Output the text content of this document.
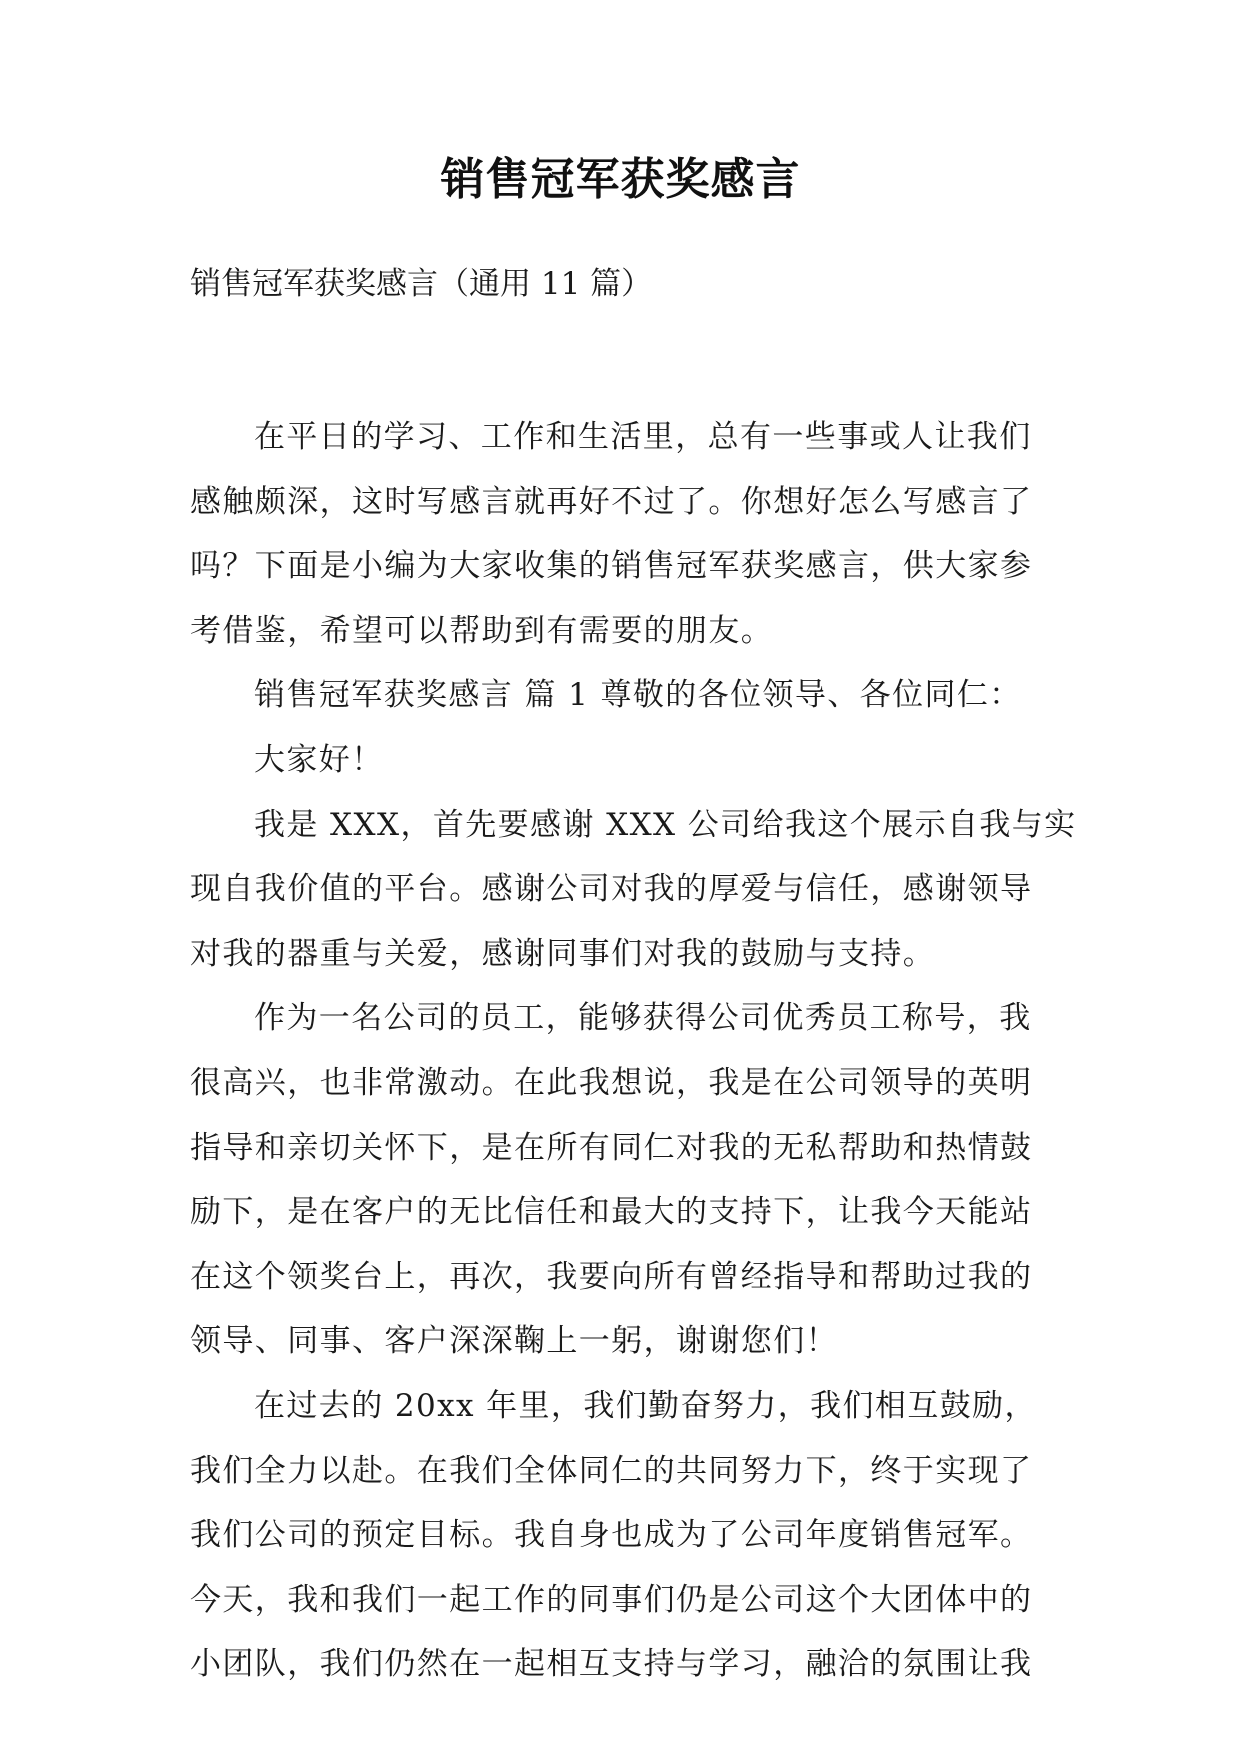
销售冠军获奖感言
销售冠军获奖感言（通用 11 篇）
在平日的学习、工作和生活里，总有一些事或人让我们
感触颇深，这时写感言就再好不过了。你想好怎么写感言了
吗？下面是小编为大家收集的销售冠军获奖感言，供大家参
考借鉴，希望可以帮助到有需要的朋友。
销售冠军获奖感言 篇 1 尊敬的各位领导、各位同仁：
大家好！
我是 XXX，首先要感谢 XXX 公司给我这个展示自我与实
现自我价值的平台。感谢公司对我的厚爱与信任，感谢领导
对我的器重与关爱，感谢同事们对我的鼓励与支持。
作为一名公司的员工，能够获得公司优秀员工称号，我
很高兴，也非常激动。在此我想说，我是在公司领导的英明
指导和亲切关怀下，是在所有同仁对我的无私帮助和热情鼓
励下，是在客户的无比信任和最大的支持下，让我今天能站
在这个领奖台上，再次，我要向所有曾经指导和帮助过我的
领导、同事、客户深深鞠上一躬，谢谢您们！
在过去的 20xx 年里，我们勤奋努力，我们相互鼓励，
我们全力以赴。在我们全体同仁的共同努力下，终于实现了
我们公司的预定目标。我自身也成为了公司年度销售冠军。
今天，我和我们一起工作的同事们仍是公司这个大团体中的
小团队，我们仍然在一起相互支持与学习，融洽的氛围让我
